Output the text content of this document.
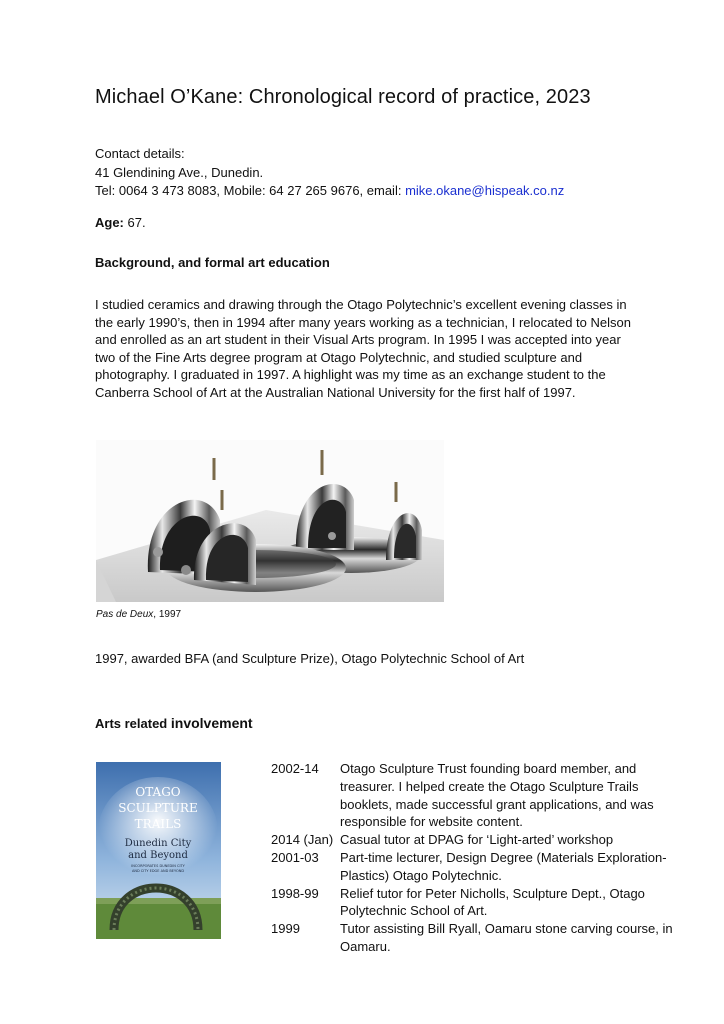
Michael O’Kane: Chronological record of practice, 2023
Contact details:
41 Glendining Ave., Dunedin.
Tel: 0064 3 473 8083, Mobile: 64 27 265 9676, email: mike.okane@hispeak.co.nz
Age: 67.
Background, and formal art education

I studied ceramics and drawing through the Otago Polytechnic’s excellent evening classes in the early 1990’s, then in 1994 after many years working as a technician, I relocated to Nelson and enrolled as an art student in their Visual Arts program. In 1995 I was accepted into year two of the Fine Arts degree program at Otago Polytechnic, and studied sculpture and photography. I graduated in 1997. A highlight was my time as an exchange student to the Canberra School of Art at the Australian National University for the first half of 1997.

Pas de Deux, 1997
1997, awarded BFA (and Sculpture Prize), Otago Polytechnic School of Art
Arts related involvement
OTAGO
SCULPTURE
TRAILS
Dunedin City
and Beyond
INCORPORATES DUNEDIN CITY
AND CITY EDGE AND BEYOND
2002-14	Otago Sculpture Trust founding board member, and treasurer. I helped create the Otago Sculpture Trails booklets, made successful grant applications, and was responsible for website content.
2014 (Jan) Casual tutor at DPAG for ‘Light-arted’ workshop
2001-03	Part-time lecturer, Design Degree (Materials Exploration-Plastics) Otago Polytechnic.
1998-99	Relief tutor for Peter Nicholls, Sculpture Dept., Otago Polytechnic School of Art.
1999	Tutor assisting Bill Ryall, Oamaru stone carving course, in Oamaru.
